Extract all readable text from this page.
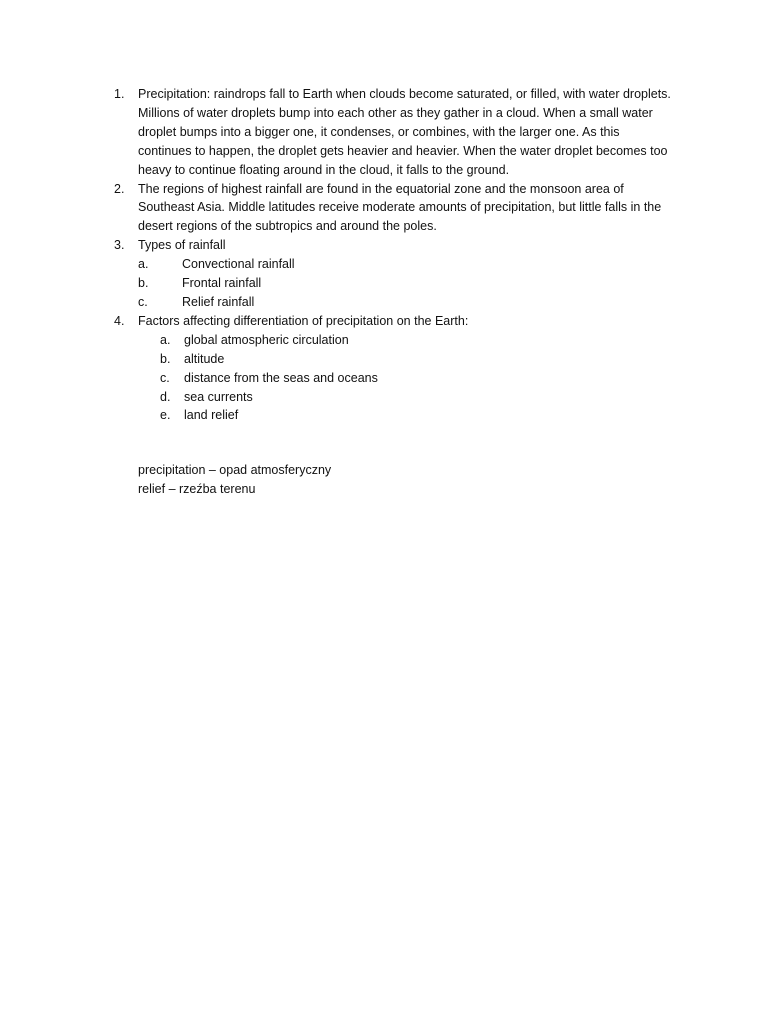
1. Precipitation: raindrops fall to Earth when clouds become saturated, or filled, with water droplets. Millions of water droplets bump into each other as they gather in a cloud. When a small water droplet bumps into a bigger one, it condenses, or combines, with the larger one. As this continues to happen, the droplet gets heavier and heavier. When the water droplet becomes too heavy to continue floating around in the cloud, it falls to the ground.
2. The regions of highest rainfall are found in the equatorial zone and the monsoon area of Southeast Asia. Middle latitudes receive moderate amounts of precipitation, but little falls in the desert regions of the subtropics and around the poles.
3. Types of rainfall
a.	Convectional rainfall
b.	Frontal rainfall
c.	Relief rainfall
4. Factors affecting differentiation of precipitation on the Earth:
a. global atmospheric circulation
b. altitude
c. distance from the seas and oceans
d. sea currents
e. land relief
precipitation – opad atmosferyczny
relief – rzeźba terenu
